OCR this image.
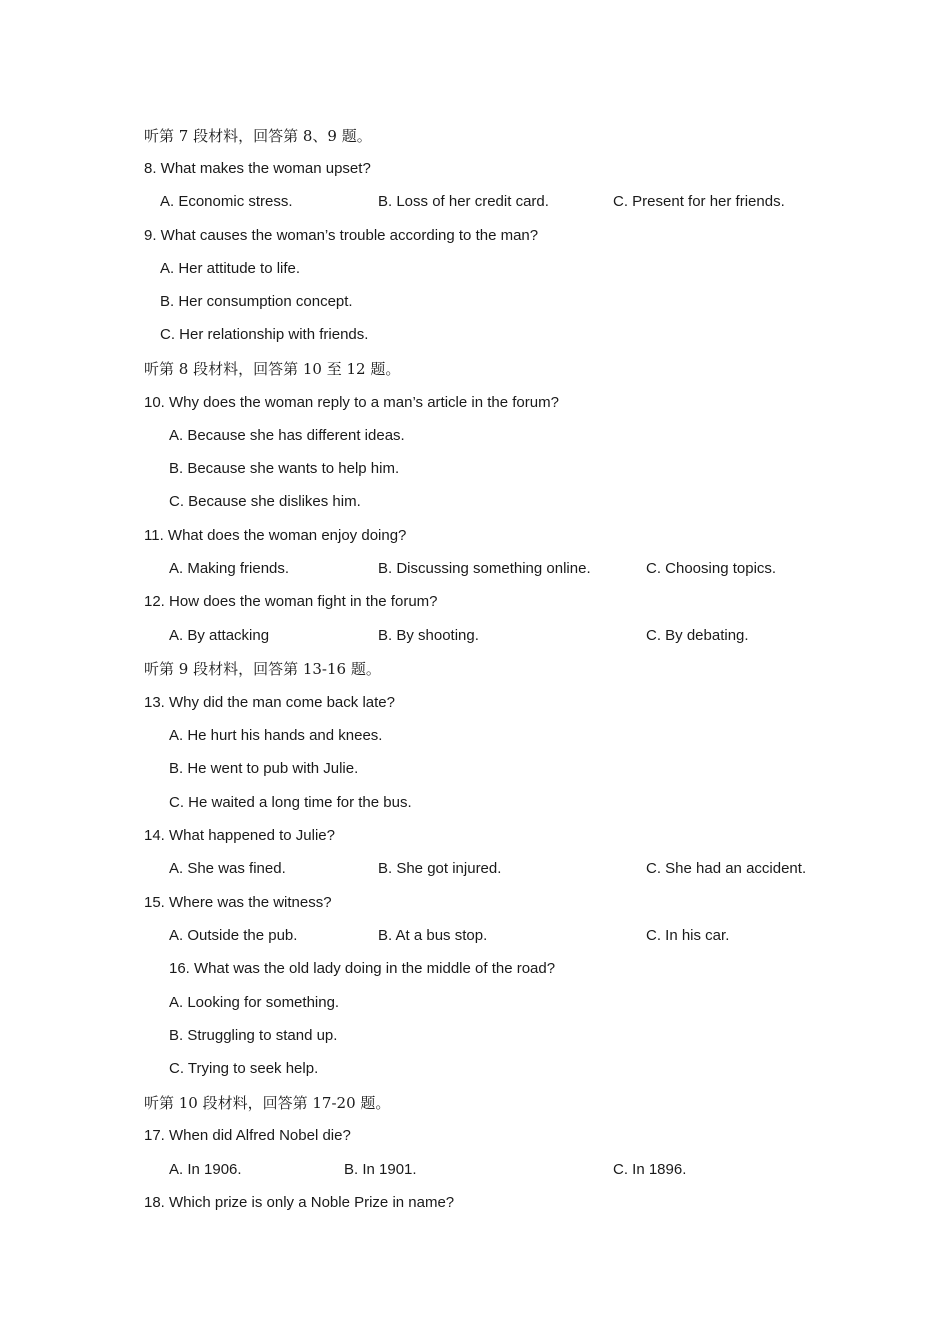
听第 7 段材料，回答第 8、9 题。
8. What makes the woman upset?
A. Economic stress.	B. Loss of her credit card.	C. Present for her friends.
9. What causes the woman’s trouble according to the man?
A. Her attitude to life.
B. Her consumption concept.
C. Her relationship with friends.
听第 8 段材料，回答第 10 至 12 题。
10. Why does the woman reply to a man’s article in the forum?
A. Because she has different ideas.
B. Because she wants to help him.
C. Because she dislikes him.
11. What does the woman enjoy doing?
A. Making friends.	B. Discussing something online.	C. Choosing topics.
12. How does the woman fight in the forum?
A. By attacking	B. By shooting.	C. By debating.
听第 9 段材料，回答第 13-16 题。
13. Why did the man come back late?
A. He hurt his hands and knees.
B. He went to pub with Julie.
C. He waited a long time for the bus.
14. What happened to Julie?
A. She was fined.	B. She got injured.	C. She had an accident.
15. Where was the witness?
A. Outside the pub.	B. At a bus stop.	C. In his car.
16. What was the old lady doing in the middle of the road?
A. Looking for something.
B. Struggling to stand up.
C. Trying to seek help.
听第 10 段材料，回答第 17-20 题。
17. When did Alfred Nobel die?
A. In 1906.	B. In 1901.	C. In 1896.
18. Which prize is only a Noble Prize in name?
